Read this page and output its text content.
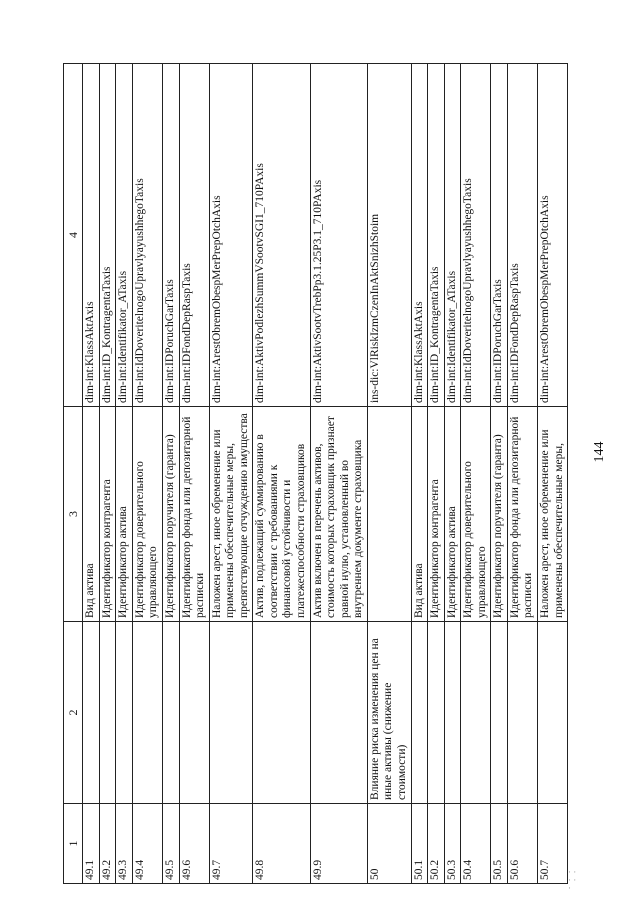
144
1	2	3	4
49.1		Вид актива	dim-int:KlassAktAxis
49.2		Идентификатор контрагента	dim-int:ID_KontragentaTaxis
49.3		Идентификатор актива	dim-int:Identifikator_ATaxis
49.4		Идентификатор доверительного управляющего	dim-int:IdDoveritelnogoUpravlyayushhegoTaxis
49.5		Идентификатор поручителя (гаранта)	dim-int:IDPoruchGarTaxis
49.6		Идентификатор фонда или депозитарной расписки	dim-int:IDFondDepRaspTaxis
49.7		Наложен арест, иное обременение или применены обеспечительные меры, препятствующие отчуждению имущества	dim-int:ArestObremObespMerPrepOtchAxis
49.8		Актив, подлежащий суммированию в соответствии с требованиями к финансовой устойчивости и платежеспособности страховщиков	dim-int:AktivPodlezhSummVSootvSGI1_710PAxis
49.9		Актив включен в перечень активов, стоимость которых страховщик признает равной нулю, установленный во внутреннем документе страховщика	dim-int:AktivSootvTrebPp3.1.25P3.1_710PAxis
50	Влияние риска изменения цен на иные активы (снижение стоимости)		ins-dic:VlRiskIzmCzenInAktSnizhStoim
50.1		Вид актива	dim-int:KlassAktAxis
50.2		Идентификатор контрагента	dim-int:ID_KontragentaTaxis
50.3		Идентификатор актива	dim-int:Identifikator_ATaxis
50.4		Идентификатор доверительного управляющего	dim-int:IdDoveritelnogoUpravlyayushhegoTaxis
50.5		Идентификатор поручителя (гаранта)	dim-int:IDPoruchGarTaxis
50.6		Идентификатор фонда или депозитарной расписки	dim-int:IDFondDepRaspTaxis
50.7		Наложен арест, иное обременение или применены обеспечительные меры,	dim-int:ArestObremObespMerPrepOtchAxis
· ·
· ·
·
